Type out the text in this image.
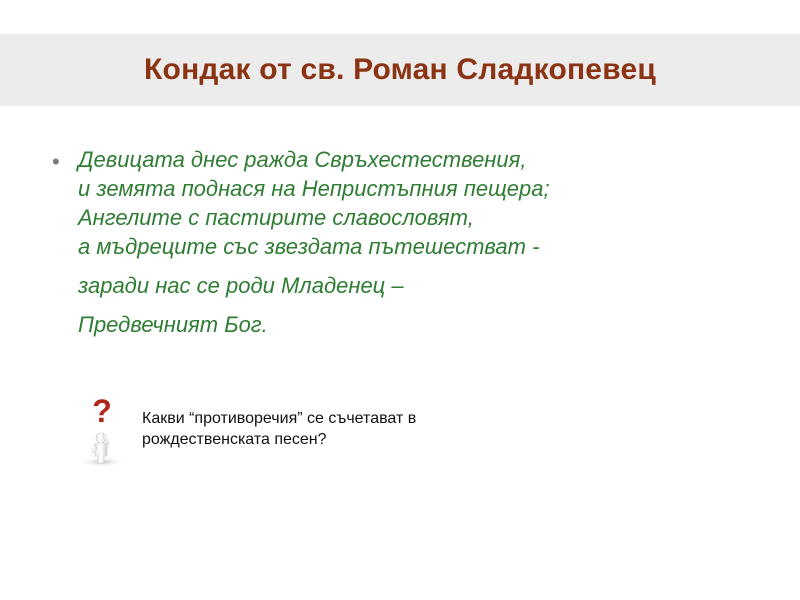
Кондак от св. Роман Сладкопевец
• Девицата днес ражда Свръхестествения,
и земята поднася на Непристъпния пещера;
Ангелите с пастирите славословят,
а мъдреците със звездата пътешестват -
заради нас се роди Младенец –
Предвечният Бог.
? Какви “противоречия” се съчетават в
рождественската песен?
